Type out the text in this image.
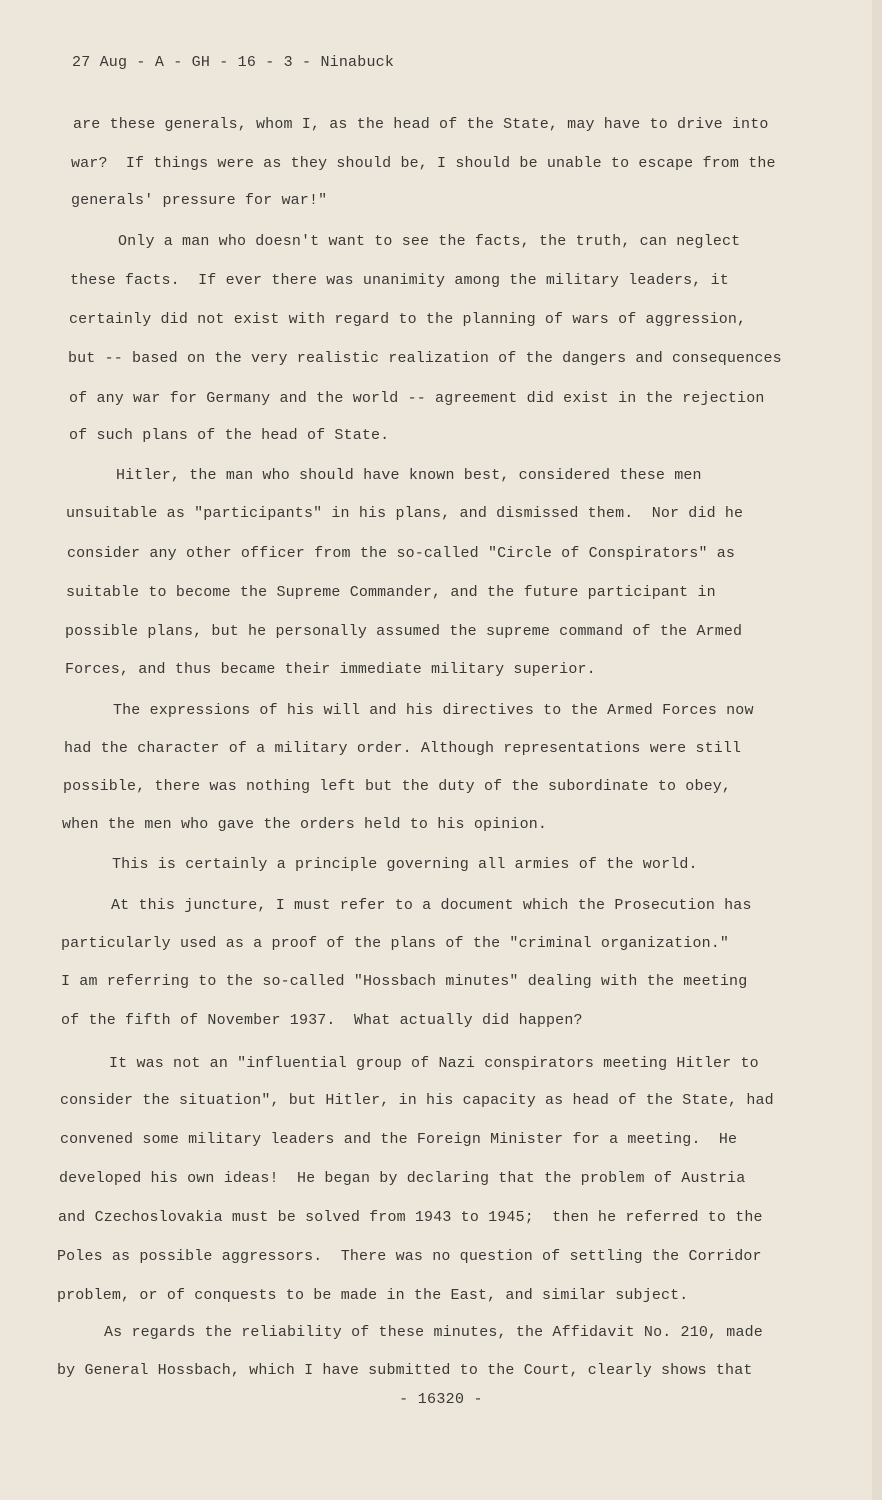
27 Aug - A - GH - 16 - 3 - Ninabuck
are these generals, whom I, as the head of the State, may have to drive into
war?  If things were as they should be, I should be unable to escape from the
generals' pressure for war!"
Only a man who doesn't want to see the facts, the truth, can neglect
these facts.  If ever there was unanimity among the military leaders, it
certainly did not exist with regard to the planning of wars of aggression,
but -- based on the very realistic realization of the dangers and consequences
of any war for Germany and the world -- agreement did exist in the rejection
of such plans of the head of State.
Hitler, the man who should have known best, considered these men
unsuitable as "participants" in his plans, and dismissed them.  Nor did he
consider any other officer from the so-called "Circle of Conspirators" as
suitable to become the Supreme Commander, and the future participant in
possible plans, but he personally assumed the supreme command of the Armed
Forces, and thus became their immediate military superior.
The expressions of his will and his directives to the Armed Forces now
had the character of a military order. Although representations were still
possible, there was nothing left but the duty of the subordinate to obey,
when the men who gave the orders held to his opinion.
This is certainly a principle governing all armies of the world.
At this juncture, I must refer to a document which the Prosecution has
particularly used as a proof of the plans of the "criminal organization."
I am referring to the so-called "Hossbach minutes" dealing with the meeting
of the fifth of November 1937.  What actually did happen?
It was not an "influential group of Nazi conspirators meeting Hitler to
consider the situation", but Hitler, in his capacity as head of the State, had
convened some military leaders and the Foreign Minister for a meeting.  He
developed his own ideas!  He began by declaring that the problem of Austria
and Czechoslovakia must be solved from 1943 to 1945;  then he referred to the
Poles as possible aggressors.  There was no question of settling the Corridor
problem, or of conquests to be made in the East, and similar subject.
As regards the reliability of these minutes, the Affidavit No. 210, made
by General Hossbach, which I have submitted to the Court, clearly shows that
- 16320 -
